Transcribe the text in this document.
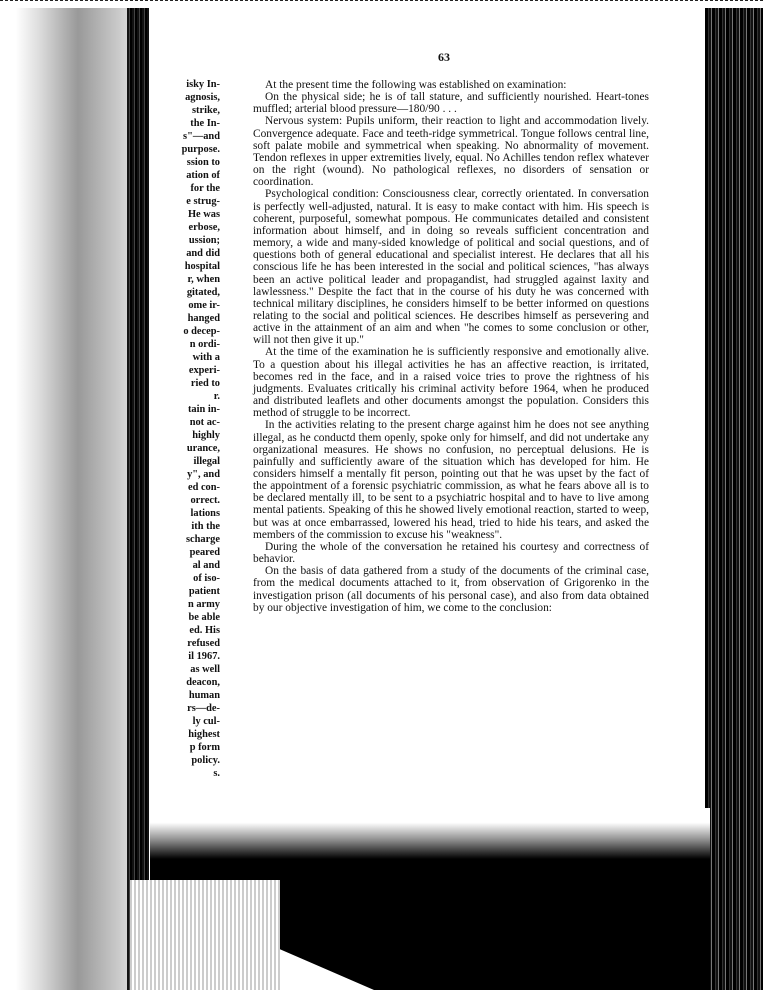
isky In-
agnosis,
strike,
the In-
s"—and
purpose.
ssion to
ation of
for the
e strug-
He was
erbose,
ussion;
and did
hospital
r, when
gitated,
ome ir-
hanged
o decep-
n ordi-
with a
experi-
ried to
r.
tain in-
not ac-
highly
urance,
illegal
y", and
ed con-
orrect.
lations
ith the
scharge
peared
al and
of iso-
patient
n army
be able
ed. His
refused
il 1967.
as well
deacon,
human
rs—de-
ly cul-
highest
p form
policy.
s.
63

At the present time the following was established on examination:

On the physical side; he is of tall stature, and sufficiently nourished. Heart-tones muffled; arterial blood pressure—180/90 . . .

Nervous system: Pupils uniform, their reaction to light and accommodation lively. Convergence adequate. Face and teeth-ridge symmetrical. Tongue follows central line, soft palate mobile and symmetrical when speaking. No abnormality of movement. Tendon reflexes in upper extremities lively, equal. No Achilles tendon reflex whatever on the right (wound). No pathological reflexes, no disorders of sensation or coordination.

Psychological condition: Consciousness clear, correctly orientated. In conversation is perfectly well-adjusted, natural. It is easy to make contact with him. His speech is coherent, purposeful, somewhat pompous. He communicates detailed and consistent information about himself, and in doing so reveals sufficient concentration and memory, a wide and many-sided knowledge of political and social questions, and of questions both of general educational and specialist interest. He declares that all his conscious life he has been interested in the social and political sciences, "has always been an active political leader and propagandist, had struggled against laxity and lawlessness." Despite the fact that in the course of his duty he was concerned with technical military disciplines, he considers himself to be better informed on questions relating to the social and political sciences. He describes himself as persevering and active in the attainment of an aim and when "he comes to some conclusion or other, will not then give it up."

At the time of the examination he is sufficiently responsive and emotionally alive. To a question about his illegal activities he has an affective reaction, is irritated, becomes red in the face, and in a raised voice tries to prove the rightness of his judgments. Evaluates critically his criminal activity before 1964, when he produced and distributed leaflets and other documents amongst the population. Considers this method of struggle to be incorrect.

In the activities relating to the present charge against him he does not see anything illegal, as he conductd them openly, spoke only for himself, and did not undertake any organizational measures. He shows no confusion, no perceptual delusions. He is painfully and sufficiently aware of the situation which has developed for him. He considers himself a mentally fit person, pointing out that he was upset by the fact of the appointment of a forensic psychiatric commission, as what he fears above all is to be declared mentally ill, to be sent to a psychiatric hospital and to have to live among mental patients. Speaking of this he showed lively emotional reaction, started to weep, but was at once embarrassed, lowered his head, tried to hide his tears, and asked the members of the commission to excuse his "weakness".

During the whole of the conversation he retained his courtesy and correctness of behavior.

On the basis of data gathered from a study of the documents of the criminal case, from the medical documents attached to it, from observation of Grigorenko in the investigation prison (all documents of his personal case), and also from data obtained by our objective investigation of him, we come to the conclusion:
